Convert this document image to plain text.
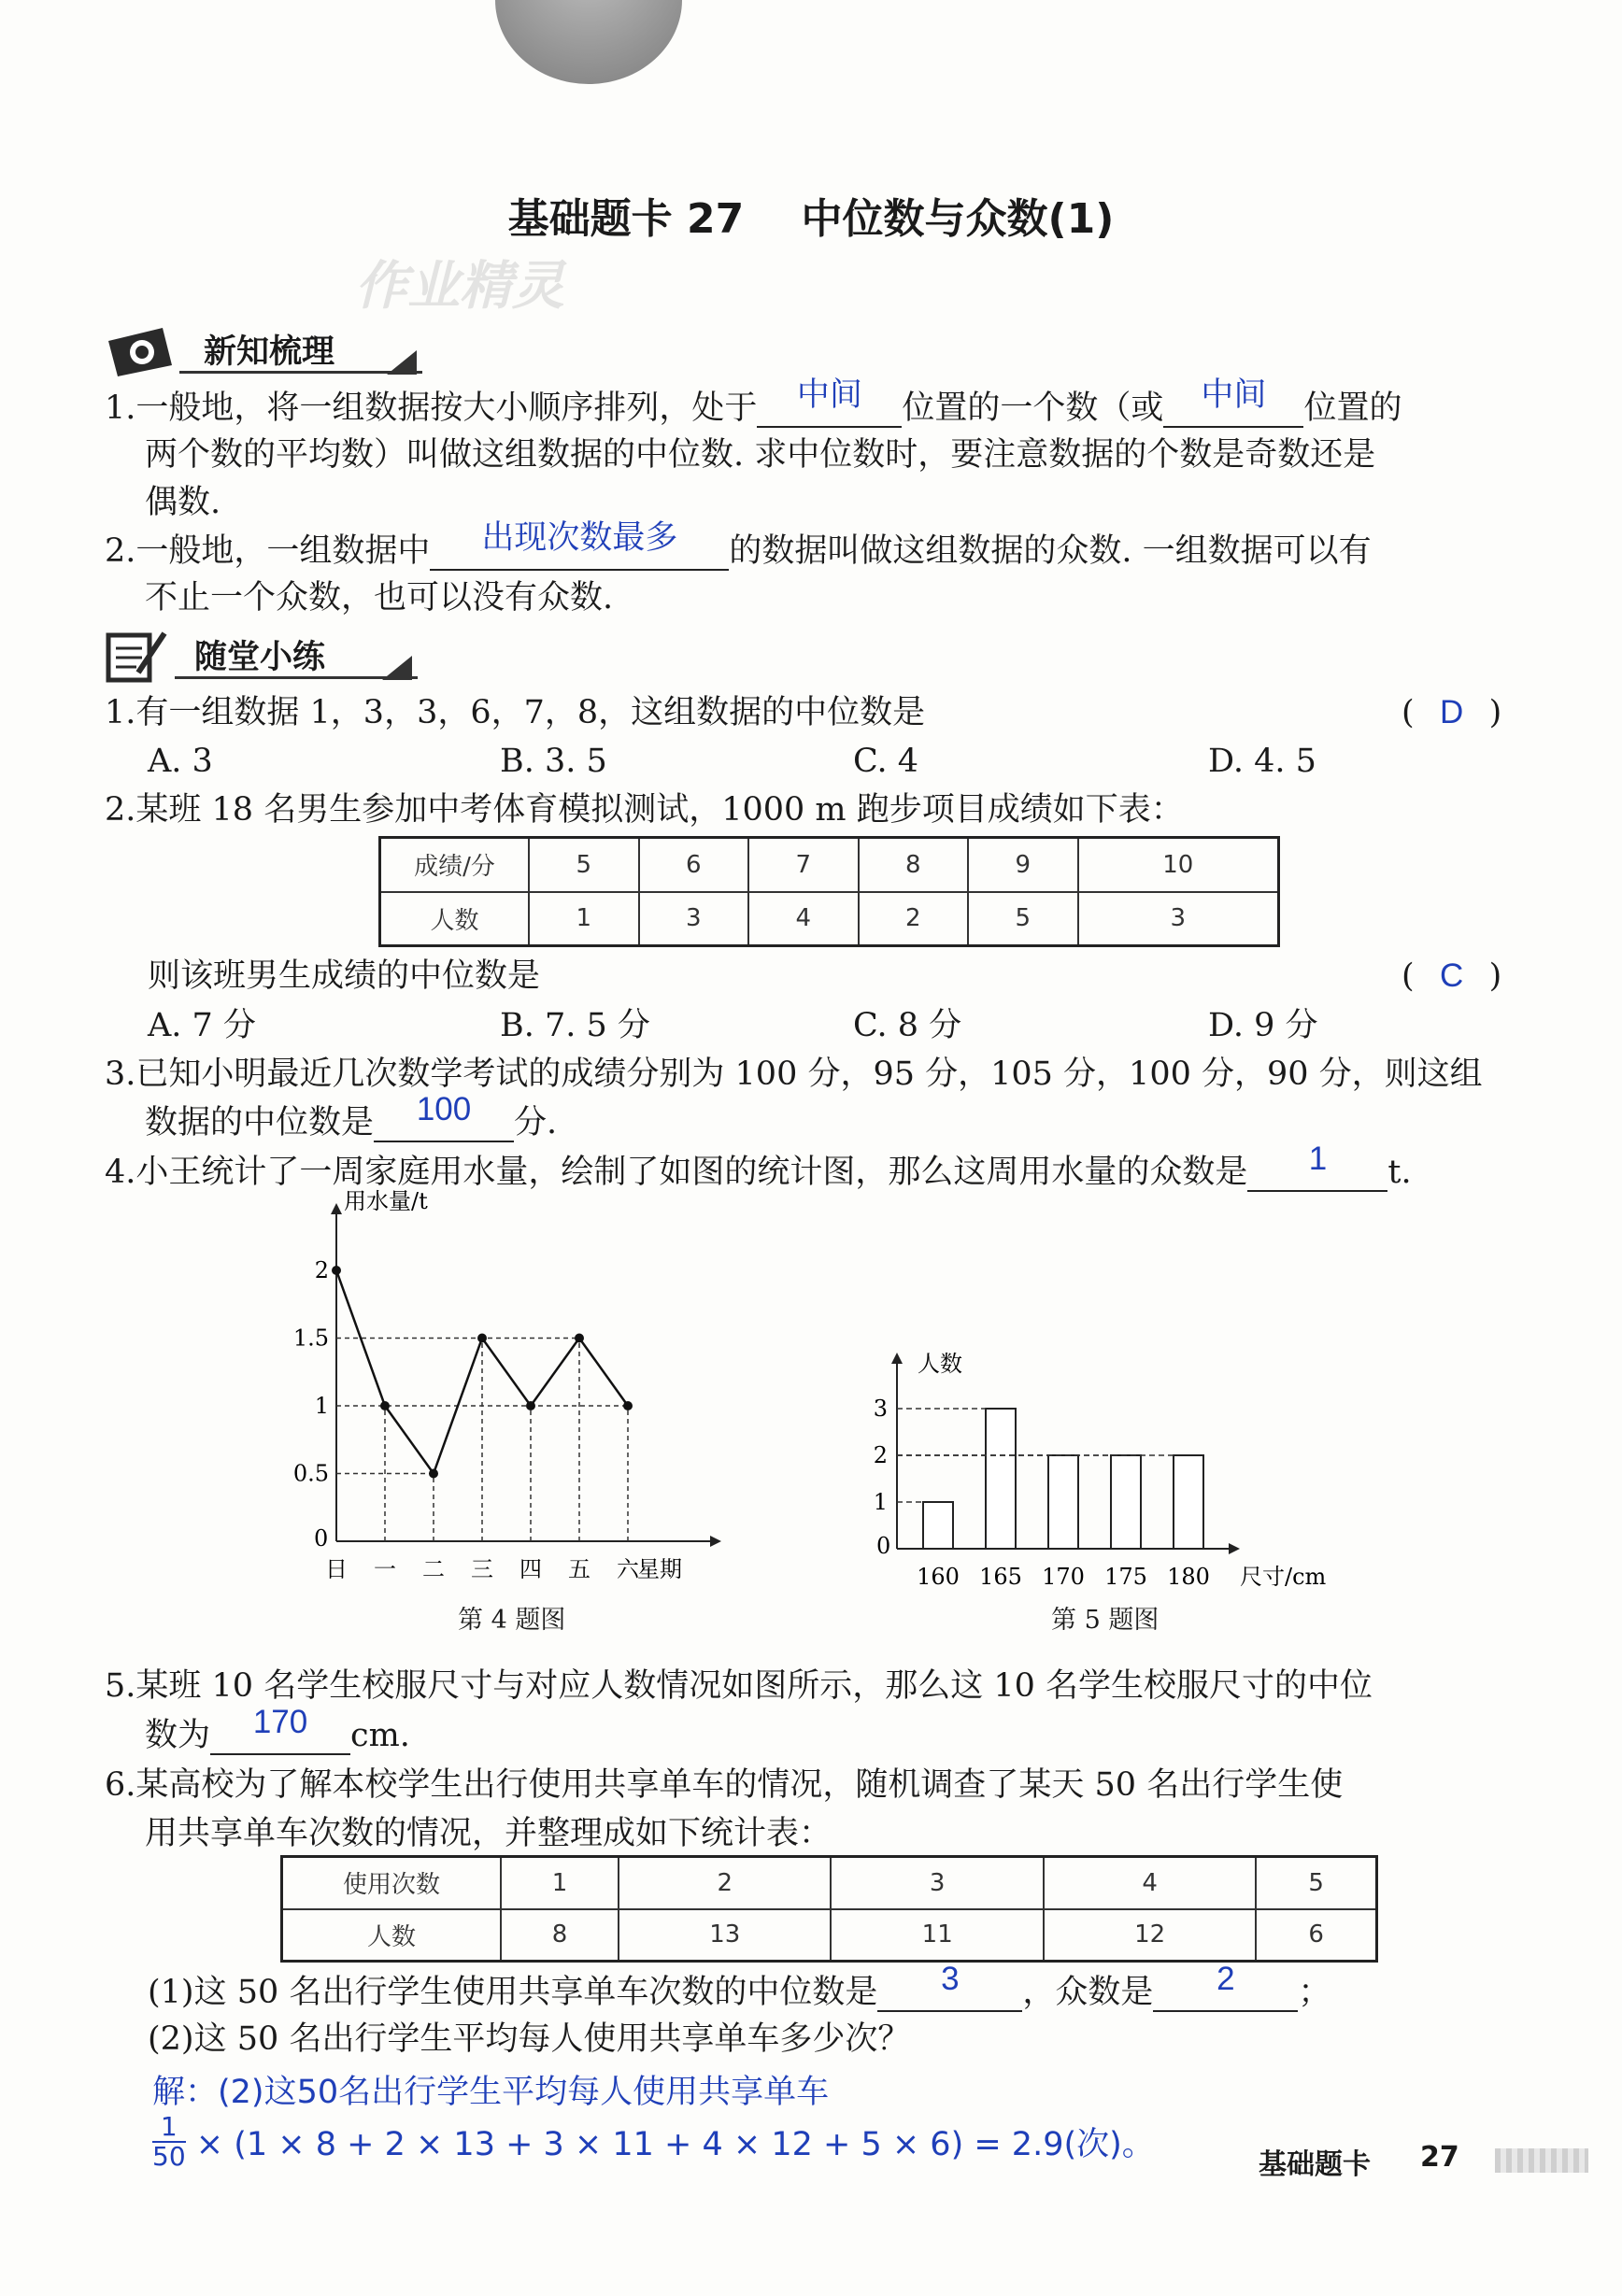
基础题卡 27    中位数与众数(1)
作业精灵
新知梳理
1.一般地，将一组数据按大小顺序排列，处于 中间 位置的一个数（或 中间 位置的
两个数的平均数）叫做这组数据的中位数. 求中位数时，要注意数据的个数是奇数还是
偶数.
2.一般地，一组数据中 出现次数最多 的数据叫做这组数据的众数. 一组数据可以有
不止一个众数，也可以没有众数.
随堂小练
1.有一组数据 1，3，3，6，7，8，这组数据的中位数是	( D )
A. 3	B. 3. 5	C. 4	D. 4. 5
2.某班 18 名男生参加中考体育模拟测试，1000 m 跑步项目成绩如下表：
成绩/分	5	6	7	8	9	10
人数	1	3	4	2	5	3
则该班男生成绩的中位数是	( C )
A. 7 分	B. 7. 5 分	C. 8 分	D. 9 分
3.已知小明最近几次数学考试的成绩分别为 100 分，95 分，105 分，100 分，90 分，则这组
数据的中位数是 100 分.
4.小王统计了一周家庭用水量，绘制了如图的统计图，那么这周用水量的众数是 1 t.
用水量/t
0
星期
0.5
1
1.5
2
日 一 二 三 四 五 六
第 4 题图
人数
0
尺寸/cm
1
2
3
160 165 170 175 180
第 5 题图
5.某班 10 名学生校服尺寸与对应人数情况如图所示，那么这 10 名学生校服尺寸的中位
数为 170 cm.
6.某高校为了解本校学生出行使用共享单车的情况，随机调查了某天 50 名出行学生使
用共享单车次数的情况，并整理成如下统计表：
使用次数	1	2	3	4	5
人数	8	13	11	12	6
(1)这 50 名出行学生使用共享单车次数的中位数是 3 ，众数是 2 ；
(2)这 50 名出行学生平均每人使用共享单车多少次？
解：(2)这50名出行学生平均每人使用共享单车
$\frac{1}{50} \times (1 \times 8 + 2 \times 13 + 3 \times 11 + 4 \times 12 + 5 \times 6) = 2.9$(次)。
基础题卡 27
